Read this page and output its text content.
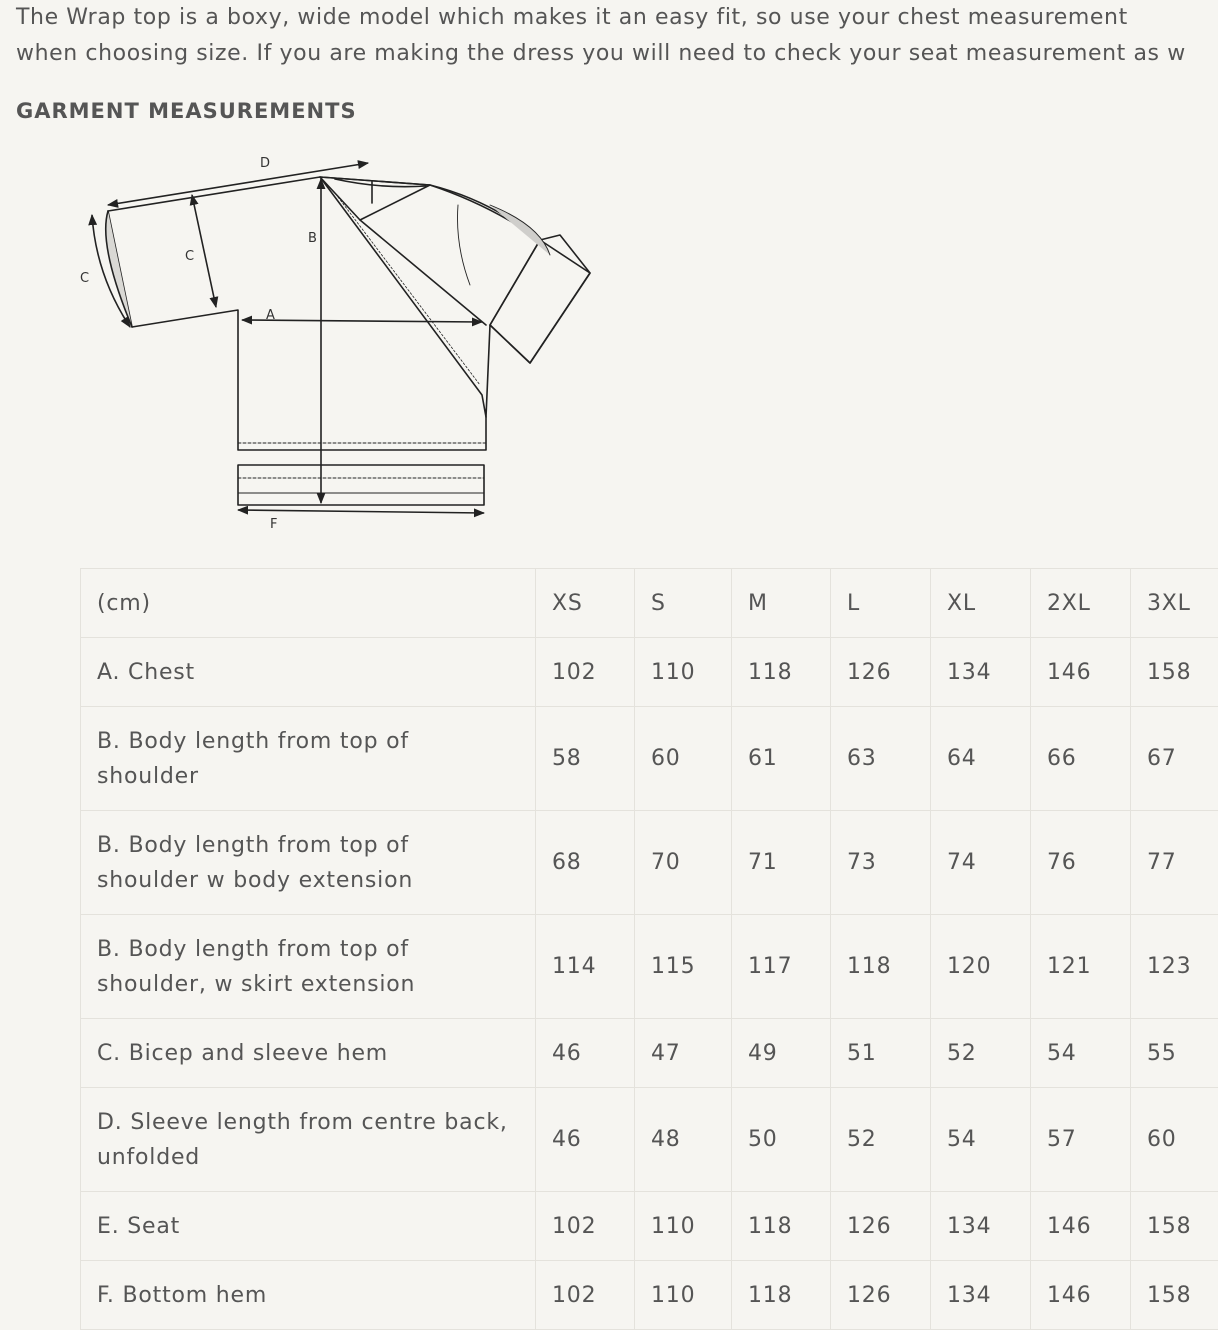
The Wrap top is a boxy, wide model which makes it an easy fit, so use your chest measurement
when choosing size. If you are making the dress you will need to check your seat measurement as w

GARMENT MEASUREMENTS
D
C
C
A
B
F
(cm)	XS	S	M	L	XL	2XL	3XL
A. Chest	102	110	118	126	134	146	158
B. Body length from top of
shoulder	58	60	61	63	64	66	67
B. Body length from top of
shoulder w body extension	68	70	71	73	74	76	77
B. Body length from top of
shoulder, w skirt extension	114	115	117	118	120	121	123
C. Bicep and sleeve hem	46	47	49	51	52	54	55
D. Sleeve length from centre back,
unfolded	46	48	50	52	54	57	60
E. Seat	102	110	118	126	134	146	158
F. Bottom hem	102	110	118	126	134	146	158
